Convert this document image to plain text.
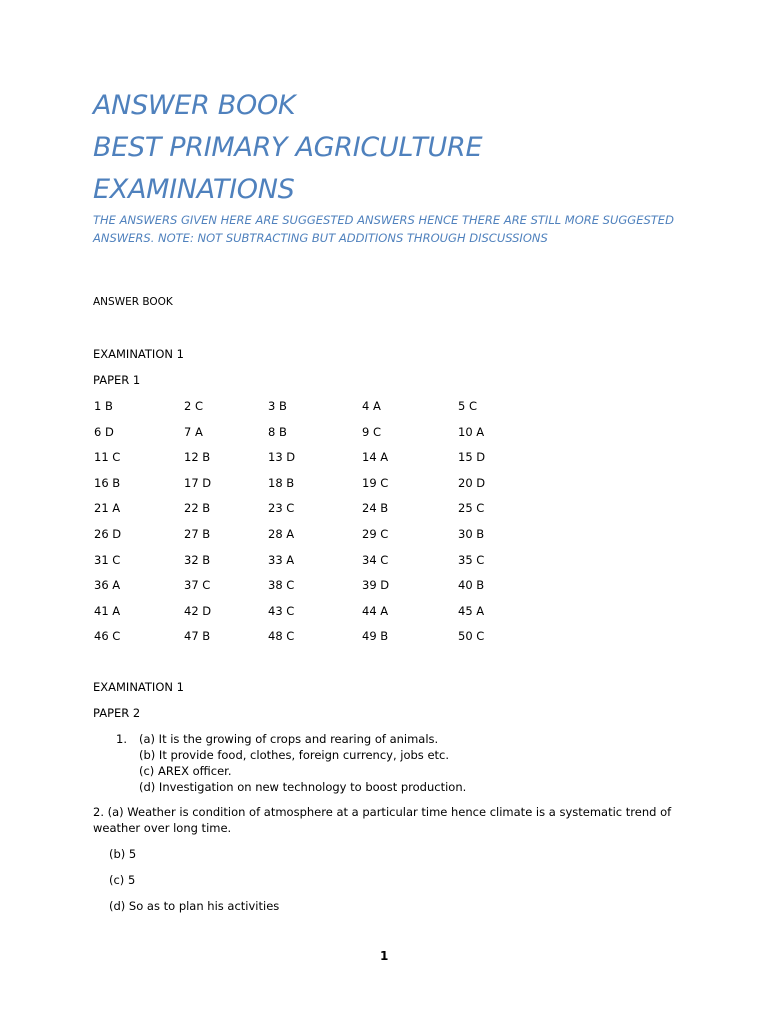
ANSWER BOOK
BEST PRIMARY AGRICULTURE
EXAMINATIONS
THE ANSWERS GIVEN HERE ARE SUGGESTED ANSWERS HENCE THERE ARE STILL MORE SUGGESTED ANSWERS. NOTE: NOT SUBTRACTING BUT ADDITIONS THROUGH DISCUSSIONS
ANSWER BOOK
EXAMINATION 1
PAPER 1
1 B	2 C	3 B	4 A	5 C
6 D	7 A	8 B	9 C	10 A
11 C	12 B	13 D	14 A	15 D
16 B	17 D	18 B	19 C	20 D
21 A	22 B	23 C	24 B	25 C
26 D	27 B	28 A	29 C	30 B
31 C	32 B	33 A	34 C	35 C
36 A	37 C	38 C	39 D	40 B
41 A	42 D	43 C	44 A	45 A
46 C	47 B	48 C	49 B	50 C
EXAMINATION 1
PAPER 2
1. (a) It is the growing of crops and rearing of animals.
(b) It provide food, clothes, foreign currency, jobs etc.
(c) AREX officer.
(d) Investigation on new technology to boost production.
2. (a) Weather is condition of atmosphere at a particular time hence climate is a systematic trend of weather over long time.
(b) 5
(c) 5
(d) So as to plan his activities
1
